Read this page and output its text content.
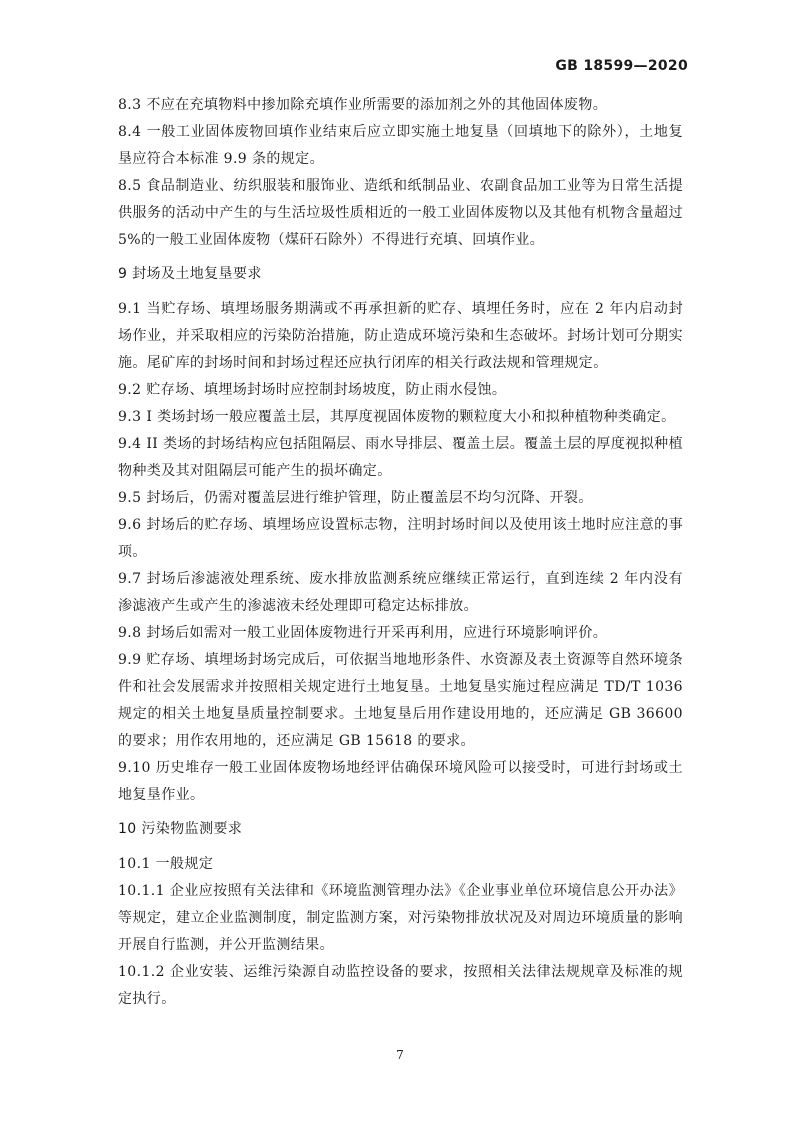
GB 18599—2020

8.3 不应在充填物料中掺加除充填作业所需要的添加剂之外的其他固体废物。

8.4 一般工业固体废物回填作业结束后应立即实施土地复垦（回填地下的除外），土地复垦应符合本标准 9.9 条的规定。

8.5 食品制造业、纺织服装和服饰业、造纸和纸制品业、农副食品加工业等为日常生活提供服务的活动中产生的与生活垃圾性质相近的一般工业固体废物以及其他有机物含量超过 5%的一般工业固体废物（煤矸石除外）不得进行充填、回填作业。

9 封场及土地复垦要求

9.1 当贮存场、填埋场服务期满或不再承担新的贮存、填埋任务时，应在 2 年内启动封场作业，并采取相应的污染防治措施，防止造成环境污染和生态破坏。封场计划可分期实施。尾矿库的封场时间和封场过程还应执行闭库的相关行政法规和管理规定。

9.2 贮存场、填埋场封场时应控制封场坡度，防止雨水侵蚀。

9.3 I 类场封场一般应覆盖土层，其厚度视固体废物的颗粒度大小和拟种植物种类确定。

9.4 II 类场的封场结构应包括阻隔层、雨水导排层、覆盖土层。覆盖土层的厚度视拟种植物种类及其对阻隔层可能产生的损坏确定。

9.5 封场后，仍需对覆盖层进行维护管理，防止覆盖层不均匀沉降、开裂。

9.6 封场后的贮存场、填埋场应设置标志物，注明封场时间以及使用该土地时应注意的事项。

9.7 封场后渗滤液处理系统、废水排放监测系统应继续正常运行，直到连续 2 年内没有渗滤液产生或产生的渗滤液未经处理即可稳定达标排放。

9.8 封场后如需对一般工业固体废物进行开采再利用，应进行环境影响评价。

9.9 贮存场、填埋场封场完成后，可依据当地地形条件、水资源及表土资源等自然环境条件和社会发展需求并按照相关规定进行土地复垦。土地复垦实施过程应满足 TD/T 1036 规定的相关土地复垦质量控制要求。土地复垦后用作建设用地的，还应满足 GB 36600 的要求；用作农用地的，还应满足 GB 15618 的要求。

9.10 历史堆存一般工业固体废物场地经评估确保环境风险可以接受时，可进行封场或土地复垦作业。

10 污染物监测要求

10.1 一般规定

10.1.1 企业应按照有关法律和《环境监测管理办法》《企业事业单位环境信息公开办法》等规定，建立企业监测制度，制定监测方案，对污染物排放状况及对周边环境质量的影响开展自行监测，并公开监测结果。

10.1.2 企业安装、运维污染源自动监控设备的要求，按照相关法律法规规章及标准的规定执行。

7
